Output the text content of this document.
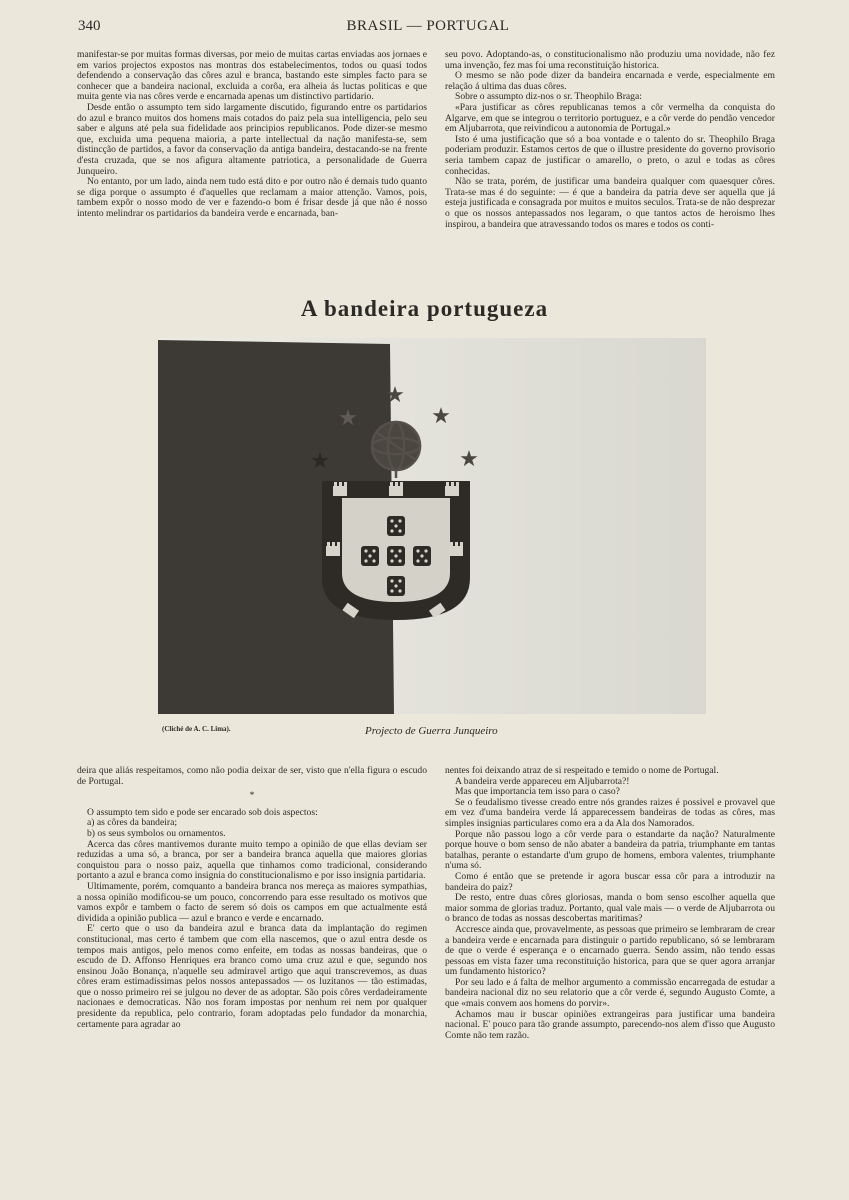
340	BRASIL — PORTUGAL

manifestar-se por muitas formas diversas, por meio de muitas cartas enviadas aos jornaes e em varios projectos expostos nas montras dos estabelecimentos, todos ou quasi todos defendendo a conservação das côres azul e branca, bastando este simples facto para se conhecer que a bandeira nacional, excluida a corôa, era alheia ás luctas politicas e que muita gente via nas côres verde e encarnada apenas um distinctivo partidario.

Desde então o assumpto tem sido largamente discutido, figurando entre os partidarios do azul e branco muitos dos homens mais cotados do paiz pela sua intelligencia, pelo seu saber e alguns até pela sua fidelidade aos principios republicanos. Pode dizer-se mesmo que, excluida uma pequena maioria, a parte intellectual da nação manifesta-se, sem distincção de partidos, a favor da conservação da antiga bandeira, destacando-se na frente d'esta cruzada, que se nos afigura altamente patriotica, a personalidade de Guerra Junqueiro.

No entanto, por um lado, ainda nem tudo está dito e por outro não é demais tudo quanto se diga porque o assumpto é d'aquelles que reclamam a maior attenção. Vamos, pois, tambem expôr o nosso modo de ver e fazendo-o bom é frisar desde já que não é nosso intento melindrar os partidarios da bandeira verde e encarnada, ban-

seu povo. Adoptando-as, o constitucionalismo não produziu uma novidade, não fez uma invenção, fez mas foi uma reconstituição historica.

O mesmo se não pode dizer da bandeira encarnada e verde, especialmente em relação á ultima das duas côres.

Sobre o assumpto diz-nos o sr. Theophilo Braga:

«Para justificar as côres republicanas temos a côr vermelha da conquista do Algarve, em que se integrou o territorio portuguez, e a côr verde do pendão vencedor em Aljubarrota, que reivindicou a autonomia de Portugal.»

Isto é uma justificação que só a boa vontade e o talento do sr. Theophilo Braga poderiam produzir. Estamos certos de que o illustre presidente do governo provisorio seria tambem capaz de justificar o amarello, o preto, o azul e todas as côres conhecidas.

Não se trata, porém, de justificar uma bandeira qualquer com quaesquer côres. Trata-se mas é do seguinte: — é que a bandeira da patria deve ser aquella que já esteja justificada e consagrada por muitos e muitos seculos. Trata-se de não desprezar o que os nossos antepassados nos legaram, o que tantos actos de heroismo lhes inspirou, a bandeira que atravessando todos os mares e todos os conti-

A bandeira portugueza
★
★
★
★	★
(Cliché de A. C. Lima).	Projecto de Guerra Junqueiro

deira que aliás respeitamos, como não podia deixar de ser, visto que n'ella figura o escudo de Portugal.

*

O assumpto tem sido e pode ser encarado sob dois aspectos:

a) as côres da bandeira;

b) os seus symbolos ou ornamentos.

Acerca das côres mantivemos durante muito tempo a opinião de que ellas deviam ser reduzidas a uma só, a branca, por ser a bandeira branca aquella que maiores glorias conquistou para o nosso paiz, aquella que tinhamos como tradicional, considerando portanto a azul e branca como insignia do constitucionalismo e por isso insignia partidaria.

Ultimamente, porém, comquanto a bandeira branca nos mereça as maiores sympathias, a nossa opinião modificou-se um pouco, concorrendo para esse resultado os motivos que vamos expôr e tambem o facto de serem só dois os campos em que actualmente está dividida a opinião publica — azul e branco e verde e encarnado.

E' certo que o uso da bandeira azul e branca data da implantação do regimen constitucional, mas certo é tambem que com ella nascemos, que o azul entra desde os tempos mais antigos, pelo menos como enfeite, em todas as nossas bandeiras, que o escudo de D. Affonso Henriques era branco como uma cruz azul e que, segundo nos ensinou João Bonança, n'aquelle seu admiravel artigo que aqui transcrevemos, as duas côres eram estimadissimas pelos nossos antepassados — os luzitanos — tão estimadas, que o nosso primeiro rei se julgou no dever de as adoptar. São pois côres verdadeiramente nacionaes e democraticas. Não nos foram impostas por nenhum rei nem por qualquer presidente da republica, pelo contrario, foram adoptadas pelo fundador da monarchia, certamente para agradar ao

nentes foi deixando atraz de si respeitado e temido o nome de Portugal.

A bandeira verde appareceu em Aljubarrota?!

Mas que importancia tem isso para o caso?

Se o feudalismo tivesse creado entre nós grandes raizes é possivel e provavel que em vez d'uma bandeira verde lá apparecessem bandeiras de todas as côres, mas simples insignias particulares como era a da Ala dos Namorados.

Porque não passou logo a côr verde para o estandarte da nação? Naturalmente porque houve o bom senso de não abater a bandeira da patria, triumphante em tantas batalhas, perante o estandarte d'um grupo de homens, embora valentes, triumphante n'uma só.

Como é então que se pretende ir agora buscar essa côr para a introduzir na bandeira do paiz?

De resto, entre duas côres gloriosas, manda o bom senso escolher aquella que maior somma de glorias traduz. Portanto, qual vale mais — o verde de Aljubarrota ou o branco de todas as nossas descobertas maritimas?

Accresce ainda que, provavelmente, as pessoas que primeiro se lembraram de crear a bandeira verde e encarnada para distinguir o partido republicano, só se lembraram de que o verde é esperança e o encarnado guerra. Sendo assim, não tendo essas pessoas em vista fazer uma reconstituição historica, para que se quer agora arranjar um fundamento historico?

Por seu lado e á falta de melhor argumento a commissão encarregada de estudar a bandeira nacional diz no seu relatorio que a côr verde é, segundo Augusto Comte, a que «mais convem aos homens do porvir».

Achamos mau ir buscar opiniões extrangeiras para justificar uma bandeira nacional. E' pouco para tão grande assumpto, parecendo-nos alem d'isso que Augusto Comte não tem razão.
